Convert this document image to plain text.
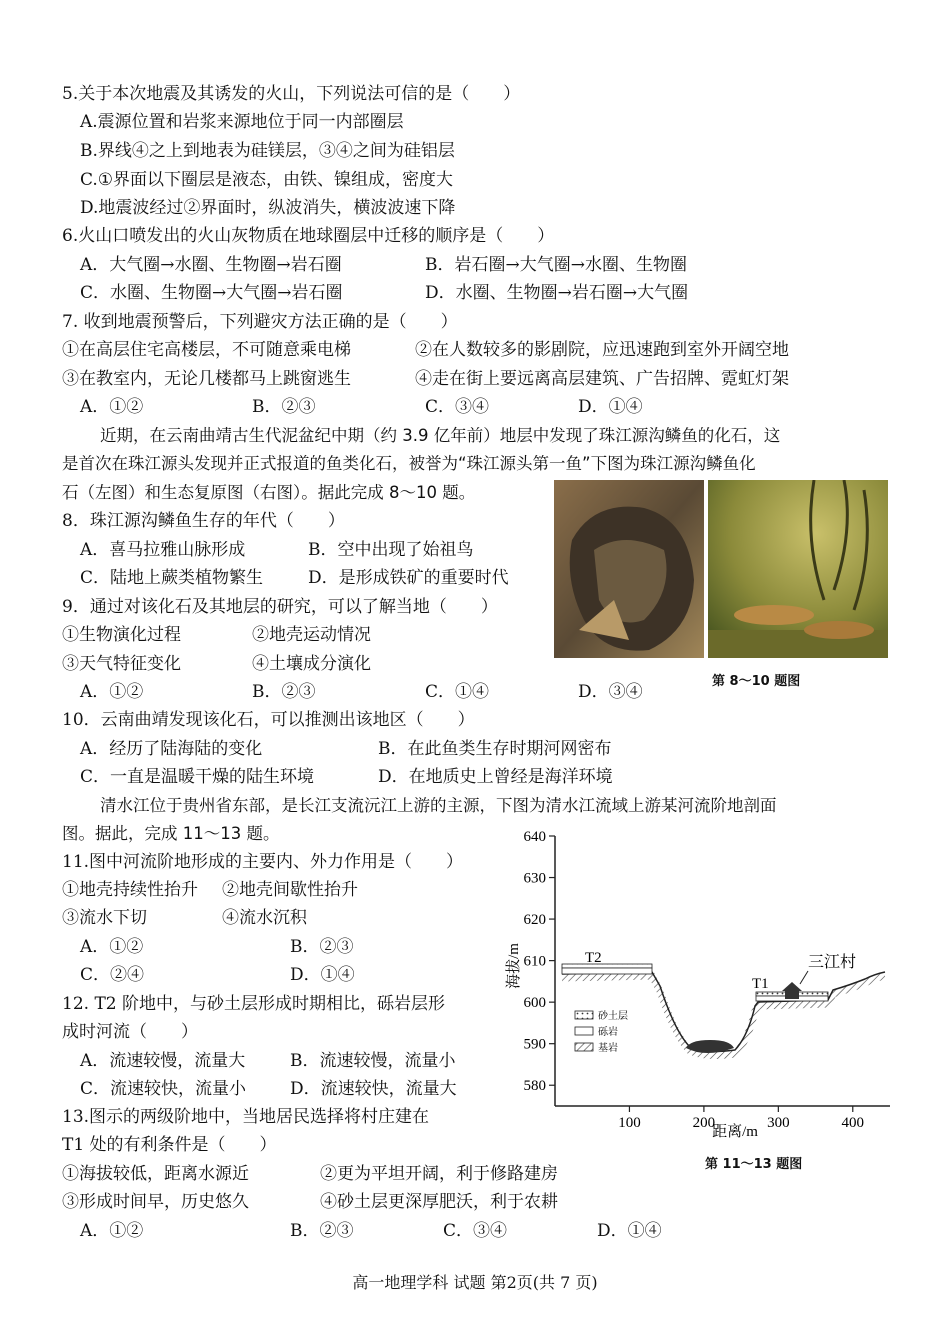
5.关于本次地震及其诱发的火山，下列说法可信的是（　　）
A.震源位置和岩浆来源地位于同一内部圈层
B.界线④之上到地表为硅镁层，③④之间为硅铝层
C.①界面以下圈层是液态，由铁、镍组成，密度大
D.地震波经过②界面时，纵波消失，横波波速下降
6.火山口喷发出的火山灰物质在地球圈层中迁移的顺序是（　　）
A．大气圈→水圈、生物圈→岩石圈	B．岩石圈→大气圈→水圈、生物圈
C．水圈、生物圈→大气圈→岩石圈	D．水圈、生物圈→岩石圈→大气圈
7. 收到地震预警后，下列避灾方法正确的是（　　）
①在高层住宅高楼层，不可随意乘电梯	②在人数较多的影剧院，应迅速跑到室外开阔空地
③在教室内，无论几楼都马上跳窗逃生	④走在街上要远离高层建筑、广告招牌、霓虹灯架
A．①②	B．②③	C．③④	D．①④
近期，在云南曲靖古生代泥盆纪中期（约 3.9 亿年前）地层中发现了珠江源沟鳞鱼的化石，这
是首次在珠江源头发现并正式报道的鱼类化石，被誉为“珠江源头第一鱼”下图为珠江源沟鳞鱼化
石（左图）和生态复原图（右图）。据此完成 8～10 题。
第 8～10 题图
8．珠江源沟鳞鱼生存的年代（　　）
A．喜马拉雅山脉形成	B．空中出现了始祖鸟
C．陆地上蕨类植物繁生	D．是形成铁矿的重要时代
9．通过对该化石及其地层的研究，可以了解当地（　　）
①生物演化过程	②地壳运动情况
③天气特征变化	④土壤成分演化
A．①②	B．②③	C．①④	D．③④
10．云南曲靖发现该化石，可以推测出该地区（　　）
A．经历了陆海陆的变化	B．在此鱼类生存时期河网密布
C．一直是温暖干燥的陆生环境	D．在地质史上曾经是海洋环境
清水江位于贵州省东部，是长江支流沅江上游的主源，下图为清水江流域上游某河流阶地剖面
图。据此，完成 11～13 题。
11.图中河流阶地形成的主要内、外力作用是（　　）
①地壳持续性抬升 ②地壳间歇性抬升
③流水下切	④流水沉积
A．①②	B．②③
C．②④	D．①④
12. T2 阶地中，与砂土层形成时期相比，砾岩层形
成时河流（　　）
A．流速较慢，流量大	B．流速较慢，流量小
C．流速较快，流量小	D．流速较快，流量大
13.图示的两级阶地中，当地居民选择将村庄建在
T1 处的有利条件是（　　）
①海拔较低，距离水源近	②更为平坦开阔，利于修路建房
③形成时间早，历史悠久	④砂土层更深厚肥沃，利于农耕
A．①②	B．②③	C．③④	D．①④
580
590
600
610
620
630
640
100	200	300	400
海拔/m
距离/m
T2
T1
三江村
砂土层
砾岩
基岩
第 11～13 题图
高一地理学科 试题 第2页(共 7 页)
